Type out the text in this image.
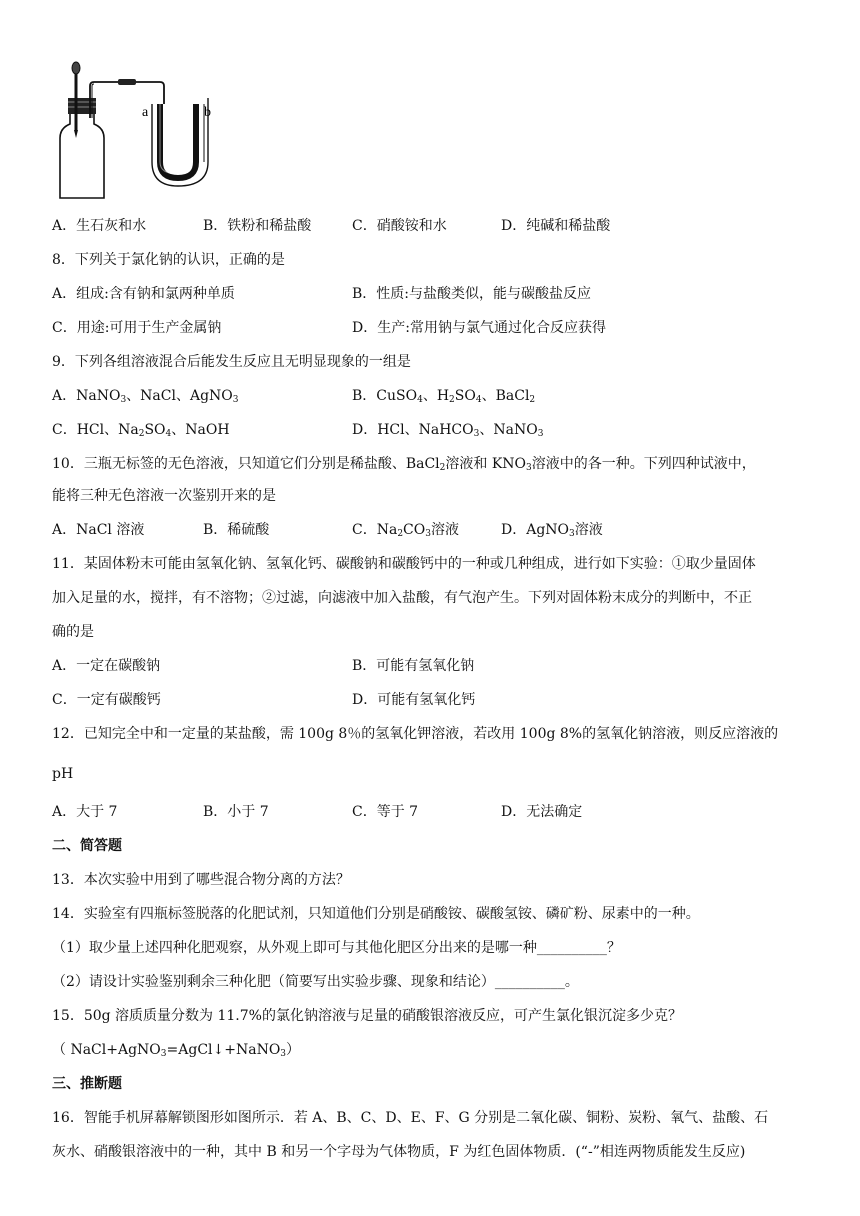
a	b
A．生石灰和水	B．铁粉和稀盐酸	C．硝酸铵和水	D．纯碱和稀盐酸
8．下列关于氯化钠的认识，正确的是
A．组成:含有钠和氯两种单质	B．性质:与盐酸类似，能与碳酸盐反应
C．用途:可用于生产金属钠	D．生产:常用钠与氯气通过化合反应获得
9．下列各组溶液混合后能发生反应且无明显现象的一组是
A．NaNO$_3$、NaCl、AgNO$_3$	B．CuSO$_4$、$H_2SO_4$、BaCl$_2$
C．HCl、$Na_2SO_4$、NaOH	D．HCl、NaHCO$_3$、NaNO$_3$
10．三瓶无标签的无色溶液，只知道它们分别是稀盐酸、BaCl$_2$溶液和 $KNO_3$溶液中的各一种。下列四种试液中，
能将三种无色溶液一次鉴别开来的是
A．NaCl 溶液	B．稀硫酸	C．$Na_2CO_3$溶液	D．AgNO$_3$溶液
11．某固体粉末可能由氢氧化钠、氢氧化钙、碳酸钠和碳酸钙中的一种或几种组成，进行如下实验：①取少量固体
加入足量的水，搅拌，有不溶物；②过滤，向滤液中加入盐酸，有气泡产生。下列对固体粉末成分的判断中，不正
确的是
A．一定在碳酸钠	B．可能有氢氧化钠
C．一定有碳酸钙	D．可能有氢氧化钙
12．已知完全中和一定量的某盐酸，需 100g 8％的氢氧化钾溶液，若改用 100g 8%的氢氧化钠溶液，则反应溶液的
pH
A．大于 7	B．小于 7	C．等于 7	D．无法确定
二、简答题
13．本次实验中用到了哪些混合物分离的方法？
14．实验室有四瓶标签脱落的化肥试剂，只知道他们分别是硝酸铵、碳酸氢铵、磷矿粉、尿素中的一种。
（1）取少量上述四种化肥观察，从外观上即可与其他化肥区分出来的是哪一种__________？
（2）请设计实验鉴别剩余三种化肥（简要写出实验步骤、现象和结论）__________。
15．50g 溶质质量分数为 11.7%的氯化钠溶液与足量的硝酸银溶液反应，可产生氯化银沉淀多少克？
（ NaCl+AgNO$_3$=AgCl↓+NaNO$_3$）
三、推断题
16．智能手机屏幕解锁图形如图所示．若 A、B、C、D、E、F、G 分别是二氧化碳、铜粉、炭粉、氧气、盐酸、石
灰水、硝酸银溶液中的一种，其中 B 和另一个字母为气体物质，F 为红色固体物质．(“-”相连两物质能发生反应)
